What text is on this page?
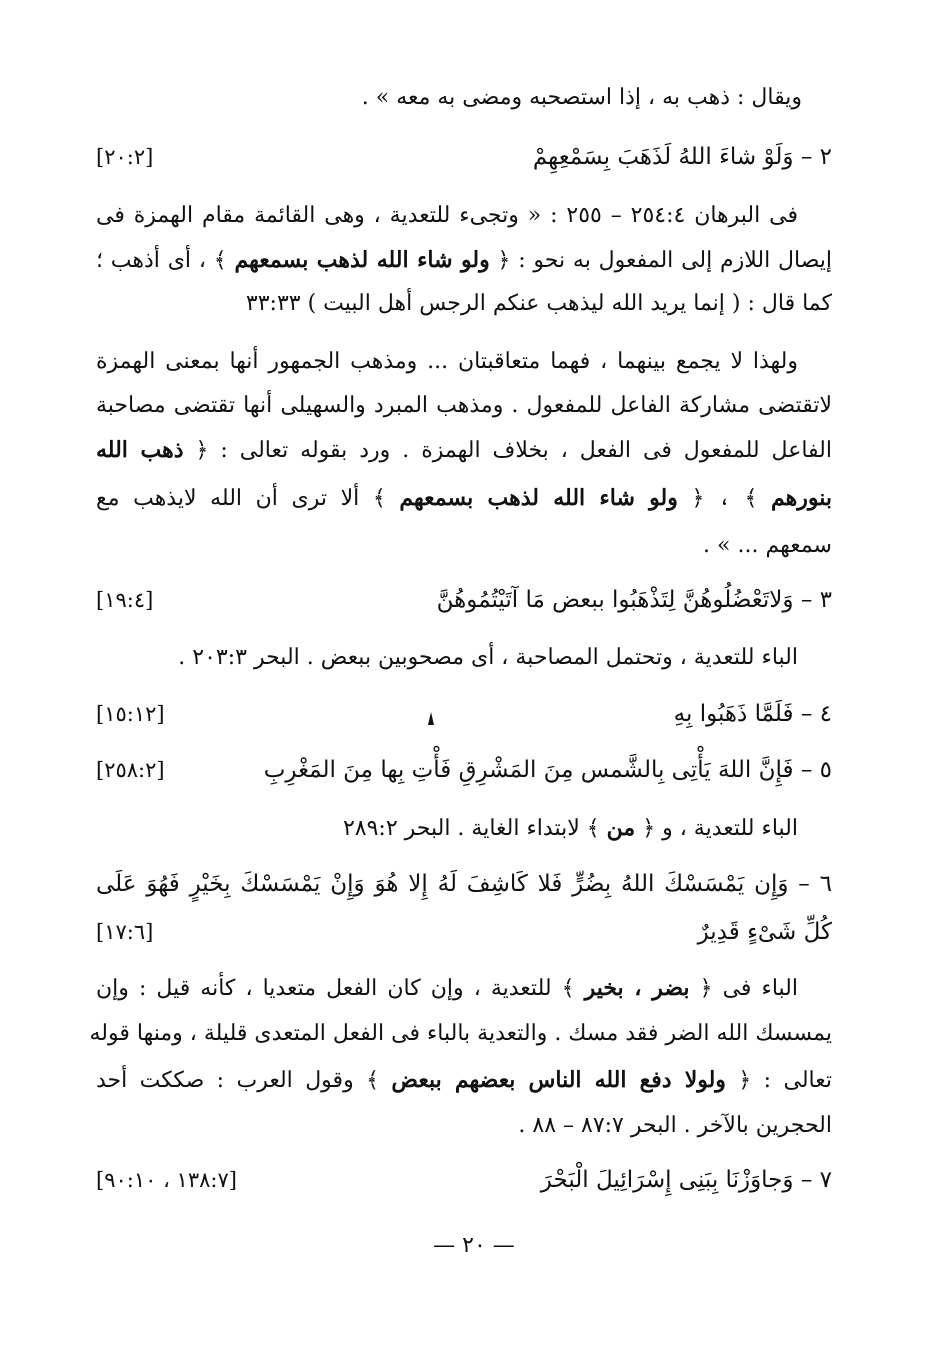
ويقال : ذهب به ، إذا استصحبه ومضى به معه » .
٢ – وَلَوْ شاءَ اللهُ لَذَهَبَ بِسَمْعِهِمْ
[٢٠:٢]
فى البرهان ٢٥٤:٤ – ٢٥٥ : « وتجىء للتعدية ، وهى القائمة مقام الهمزة فى
إيصال اللازم إلى المفعول به نحو : ﴿ ولو شاء الله لذهب بسمعهم ﴾ ، أى أذهب ؛
كما قال : ( إنما يريد الله ليذهب عنكم الرجس أهل البيت ) ٣٣:٣٣
ولهذا لا يجمع بينهما ، فهما متعاقبتان ... ومذهب الجمهور أنها بمعنى الهمزة
لاتقتضى مشاركة الفاعل للمفعول . ومذهب المبرد والسهيلى أنها تقتضى مصاحبة
الفاعل للمفعول فى الفعل ، بخلاف الهمزة . ورد بقوله تعالى : ﴿ ذهب الله
بنورهم ﴾ ، ﴿ ولو شاء الله لذهب بسمعهم ﴾ ألا ترى أن الله لايذهب مع
سمعهم ... » .
٣ – وَلاتَعْضُلُوهُنَّ لِتَذْهَبُوا ببعض مَا آتَيْتُمُوهُنَّ
[١٩:٤]
الباء للتعدية ، وتحتمل المصاحبة ، أى مصحوبين ببعض . البحر ٢٠٣:٣ .
٤ – فَلَمَّا ذَهَبُوا بِهِ
[١٥:١٢]
٥ – فَإِنَّ اللهَ يَأْتِى بِالشَّمس مِنَ المَشْرِقِ فَأْتِ بِها مِنَ المَغْرِبِ
[٢٥٨:٢]
الباء للتعدية ، و ﴿ من ﴾ لابتداء الغاية . البحر ٢٨٩:٢
٦ – وَإِن يَمْسَسْكَ اللهُ بِضُرٍّ فَلا كَاشِفَ لَهُ إِلا هُوَ وَإِنْ يَمْسَسْكَ بِخَيْرٍ فَهُوَ عَلَى
كُلِّ شَىْءٍ قَدِيرٌ
[١٧:٦]
الباء فى ﴿ بضر ، بخير ﴾ للتعدية ، وإن كان الفعل متعديا ، كأنه قيل : وإن
يمسسك الله الضر فقد مسك . والتعدية بالباء فى الفعل المتعدى قليلة ، ومنها قوله
تعالى : ﴿ ولولا دفع الله الناس بعضهم ببعض ﴾ وقول العرب : صككت أحد
الحجرين بالآخر . البحر ٨٧:٧ – ٨٨ .
٧ – وَجاوَزْنَا بِبَنِى إِسْرَائِيلَ الْبَحْرَ
[١٣٨:٧ ، ٩٠:١٠]
— ٢٠ —
